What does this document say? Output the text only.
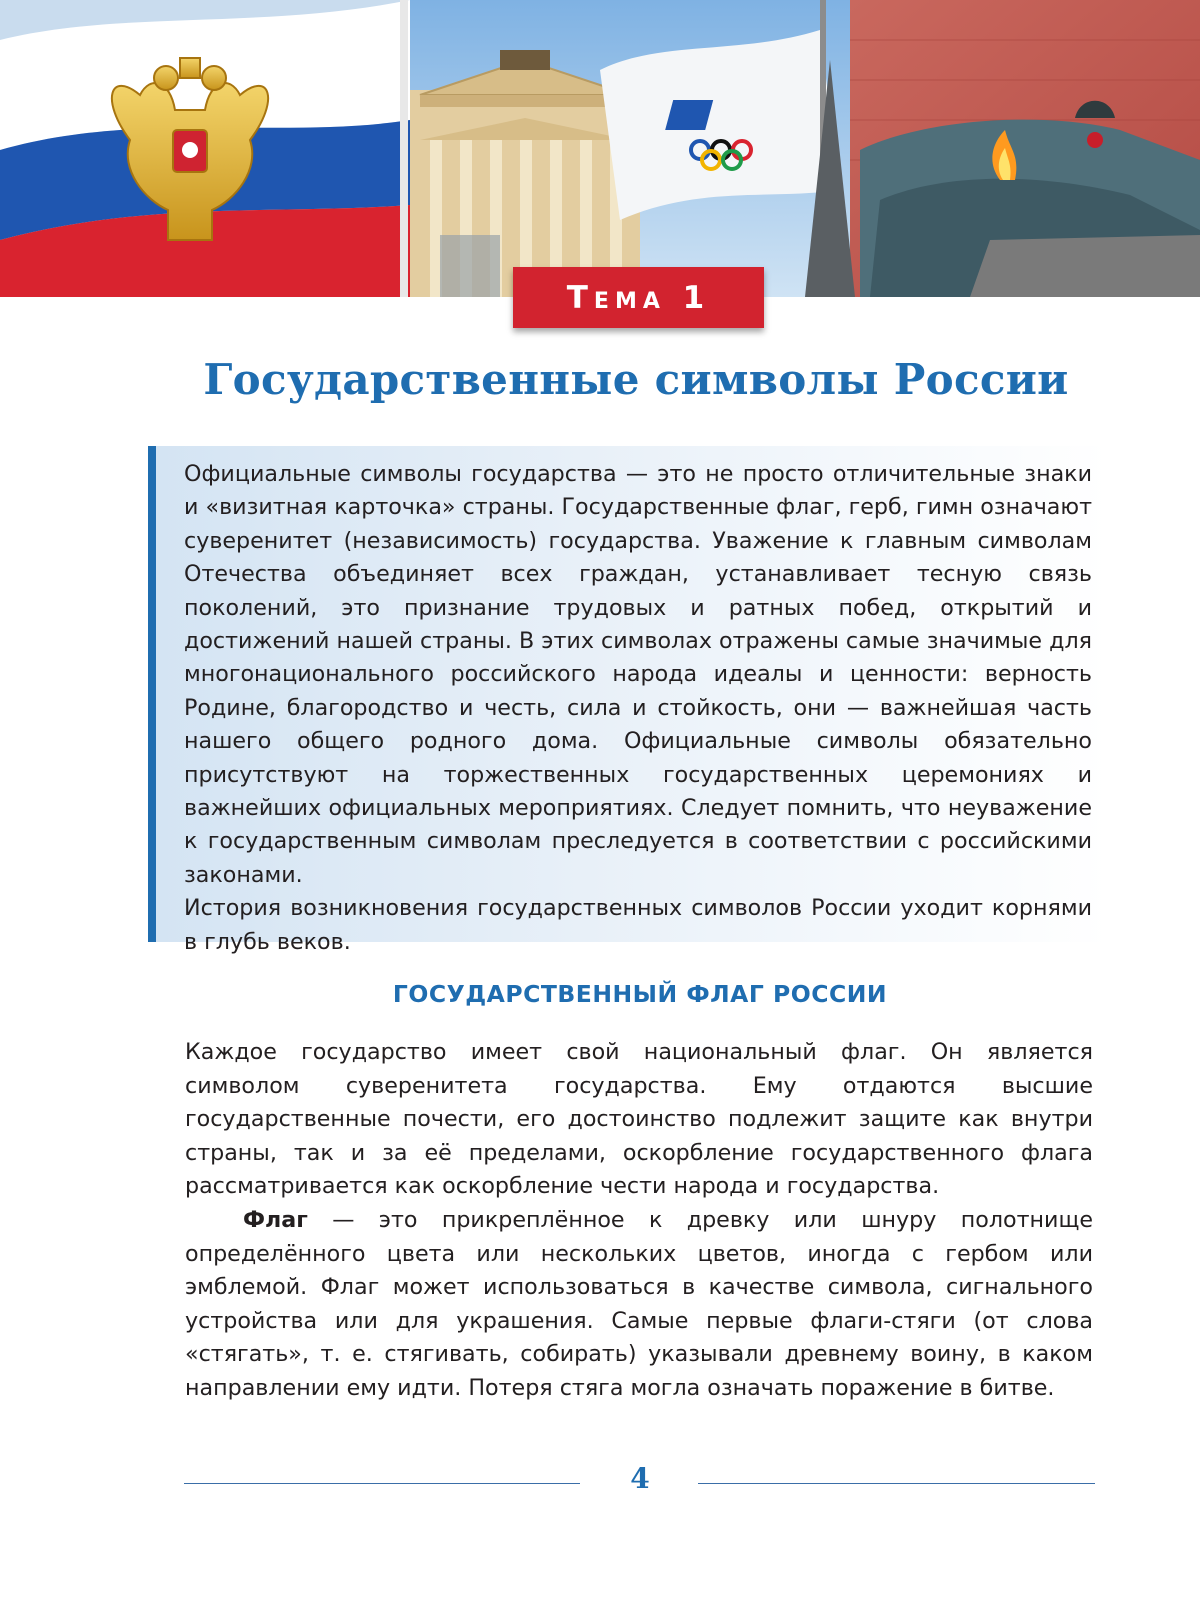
Тема 1
Государственные символы России

Официальные символы государства — это не просто отличительные знаки и «визитная карточка» страны. Государственные флаг, герб, гимн означают суверенитет (независимость) государства. Уважение к главным символам Отечества объединяет всех граждан, устанавливает тесную связь поколений, это признание трудовых и ратных побед, открытий и достижений нашей страны. В этих символах отражены самые значимые для многонационального российского народа идеалы и ценности: верность Родине, благородство и честь, сила и стойкость, они — важнейшая часть нашего общего родного дома. Официальные символы обязательно присутствуют на торжественных государственных церемониях и важнейших официальных мероприятиях. Следует помнить, что неуважение к государственным символам преследуется в соответствии с российскими законами.
История возникновения государственных символов России уходит корнями в глубь веков.

ГОСУДАРСТВЕННЫЙ ФЛАГ РОССИИ

Каждое государство имеет свой национальный флаг. Он является символом суверенитета государства. Ему отдаются высшие государственные почести, его достоинство подлежит защите как внутри страны, так и за её пределами, оскорбление государственного флага рассматривается как оскорбление чести народа и государства.

Флаг — это прикреплённое к древку или шнуру полотнище определённого цвета или нескольких цветов, иногда с гербом или эмблемой. Флаг может использоваться в качестве символа, сигнального устройства или для украшения. Самые первые флаги-стяги (от слова «стягать», т. е. стягивать, собирать) указывали древнему воину, в каком направлении ему идти. Потеря стяга могла означать поражение в битве.

4
